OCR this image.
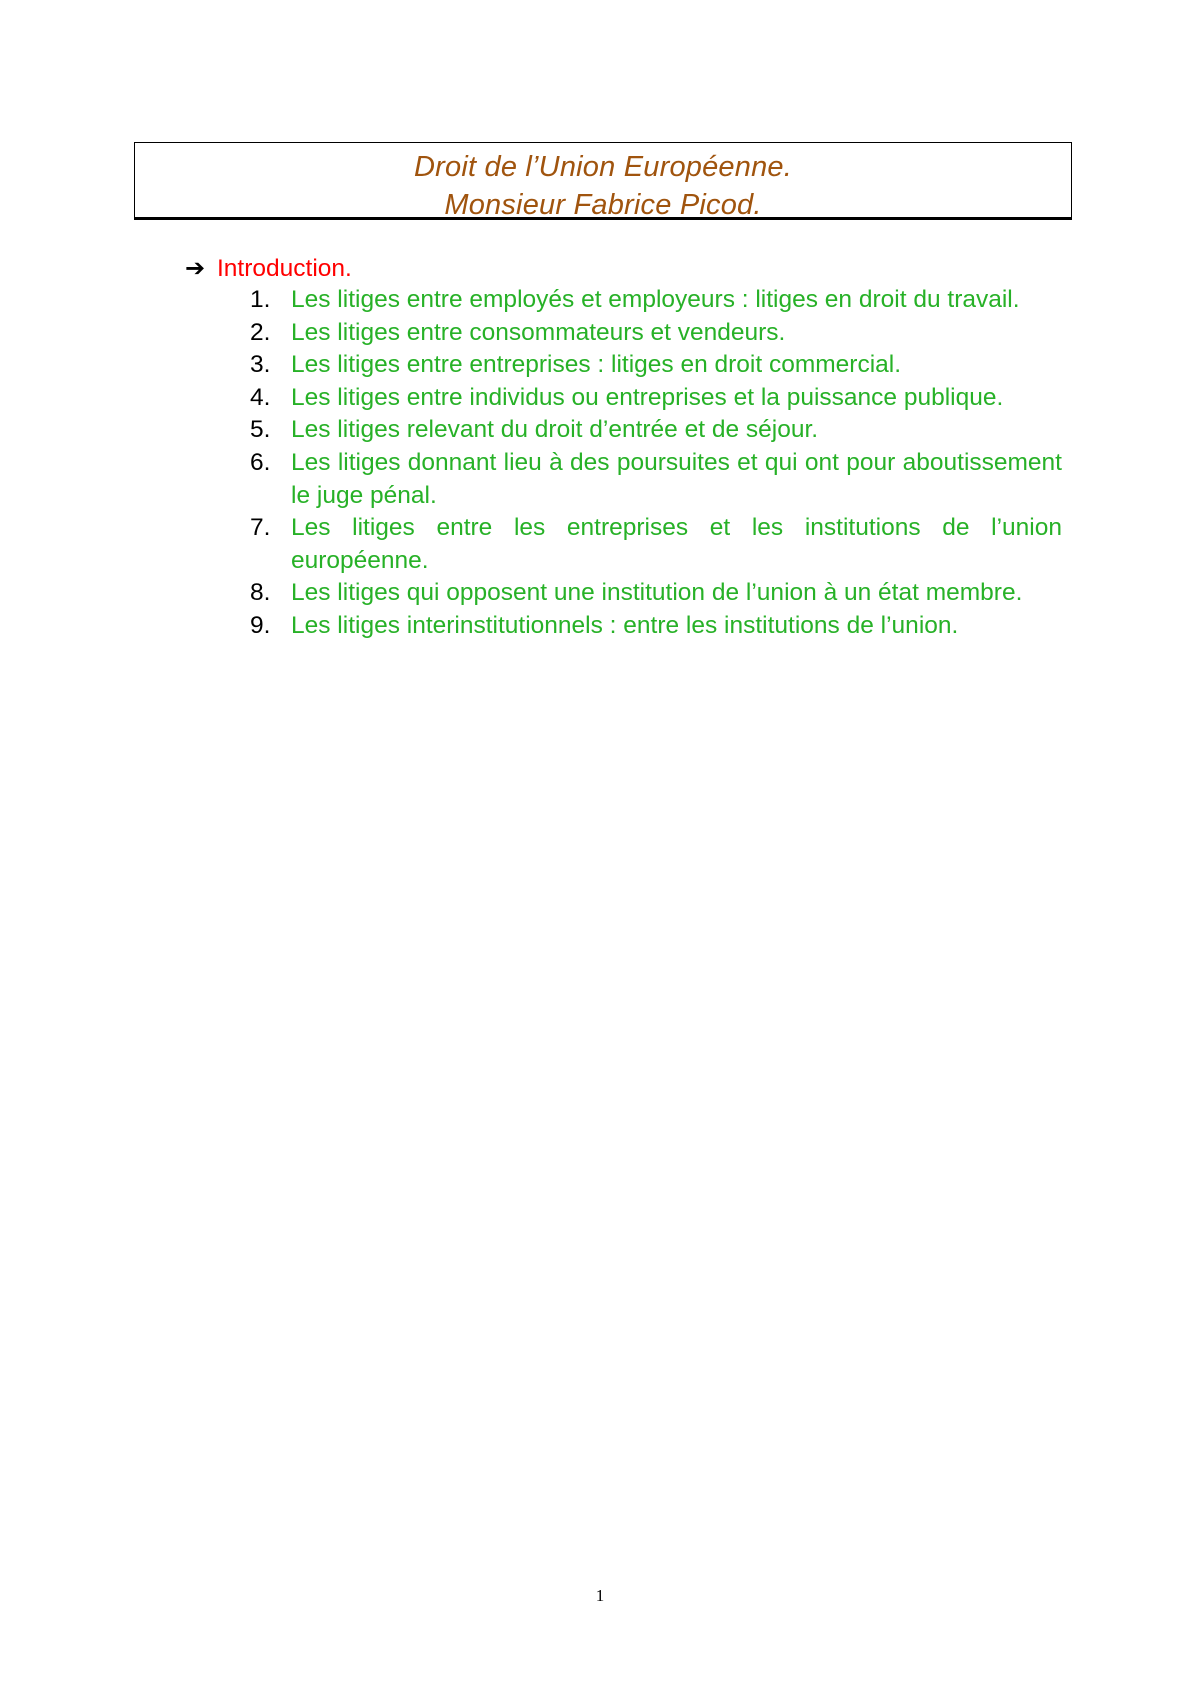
Droit de l’Union Européenne.
Monsieur Fabrice Picod.
➔ Introduction.
1. Les litiges entre employés et employeurs : litiges en droit du travail.
2. Les litiges entre consommateurs et vendeurs.
3. Les litiges entre entreprises : litiges en droit commercial.
4. Les litiges entre individus ou entreprises et la puissance publique.
5. Les litiges relevant du droit d’entrée et de séjour.
6. Les litiges donnant lieu à des poursuites et qui ont pour aboutissement le juge pénal.
7. Les litiges entre les entreprises et les institutions de l’union européenne.
8. Les litiges qui opposent une institution de l’union à un état membre.
9. Les litiges interinstitutionnels : entre les institutions de l’union.
1
